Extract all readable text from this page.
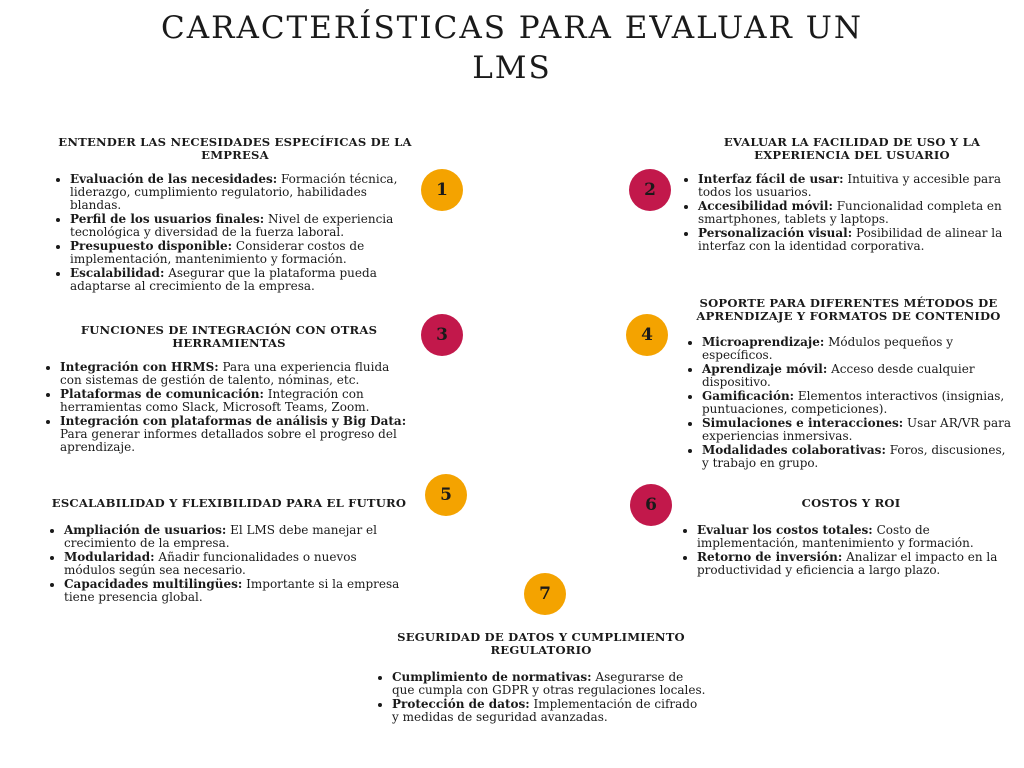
CARACTERÍSTICAS PARA EVALUAR UN LMS
ENTENDER LAS NECESIDADES ESPECÍFICAS DE LA EMPRESA
• Evaluación de las necesidades: Formación técnica, liderazgo, cumplimiento regulatorio, habilidades blandas.
• Perfil de los usuarios finales: Nivel de experiencia tecnológica y diversidad de la fuerza laboral.
• Presupuesto disponible: Considerar costos de implementación, mantenimiento y formación.
• Escalabilidad: Asegurar que la plataforma pueda adaptarse al crecimiento de la empresa.
1
EVALUAR LA FACILIDAD DE USO Y LA EXPERIENCIA DEL USUARIO
• Interfaz fácil de usar: Intuitiva y accesible para todos los usuarios.
• Accesibilidad móvil: Funcionalidad completa en smartphones, tablets y laptops.
• Personalización visual: Posibilidad de alinear la interfaz con la identidad corporativa.
2
FUNCIONES DE INTEGRACIÓN CON OTRAS HERRAMIENTAS
• Integración con HRMS: Para una experiencia fluida con sistemas de gestión de talento, nóminas, etc.
• Plataformas de comunicación: Integración con herramientas como Slack, Microsoft Teams, Zoom.
• Integración con plataformas de análisis y Big Data: Para generar informes detallados sobre el progreso del aprendizaje.
3
SOPORTE PARA DIFERENTES MÉTODOS DE APRENDIZAJE Y FORMATOS DE CONTENIDO
• Microaprendizaje: Módulos pequeños y específicos.
• Aprendizaje móvil: Acceso desde cualquier dispositivo.
• Gamificación: Elementos interactivos (insignias, puntuaciones, competiciones).
• Simulaciones e interacciones: Usar AR/VR para experiencias inmersivas.
• Modalidades colaborativas: Foros, discusiones, y trabajo en grupo.
4
ESCALABILIDAD Y FLEXIBILIDAD PARA EL FUTURO
• Ampliación de usuarios: El LMS debe manejar el crecimiento de la empresa.
• Modularidad: Añadir funcionalidades o nuevos módulos según sea necesario.
• Capacidades multilingües: Importante si la empresa tiene presencia global.
5	COSTOS Y ROI
• Evaluar los costos totales: Costo de implementación, mantenimiento y formación.
• Retorno de inversión: Analizar el impacto en la productividad y eficiencia a largo plazo.
6
SEGURIDAD DE DATOS Y CUMPLIMIENTO REGULATORIO
• Cumplimiento de normativas: Asegurarse de que cumpla con GDPR y otras regulaciones locales.
• Protección de datos: Implementación de cifrado y medidas de seguridad avanzadas.
7
